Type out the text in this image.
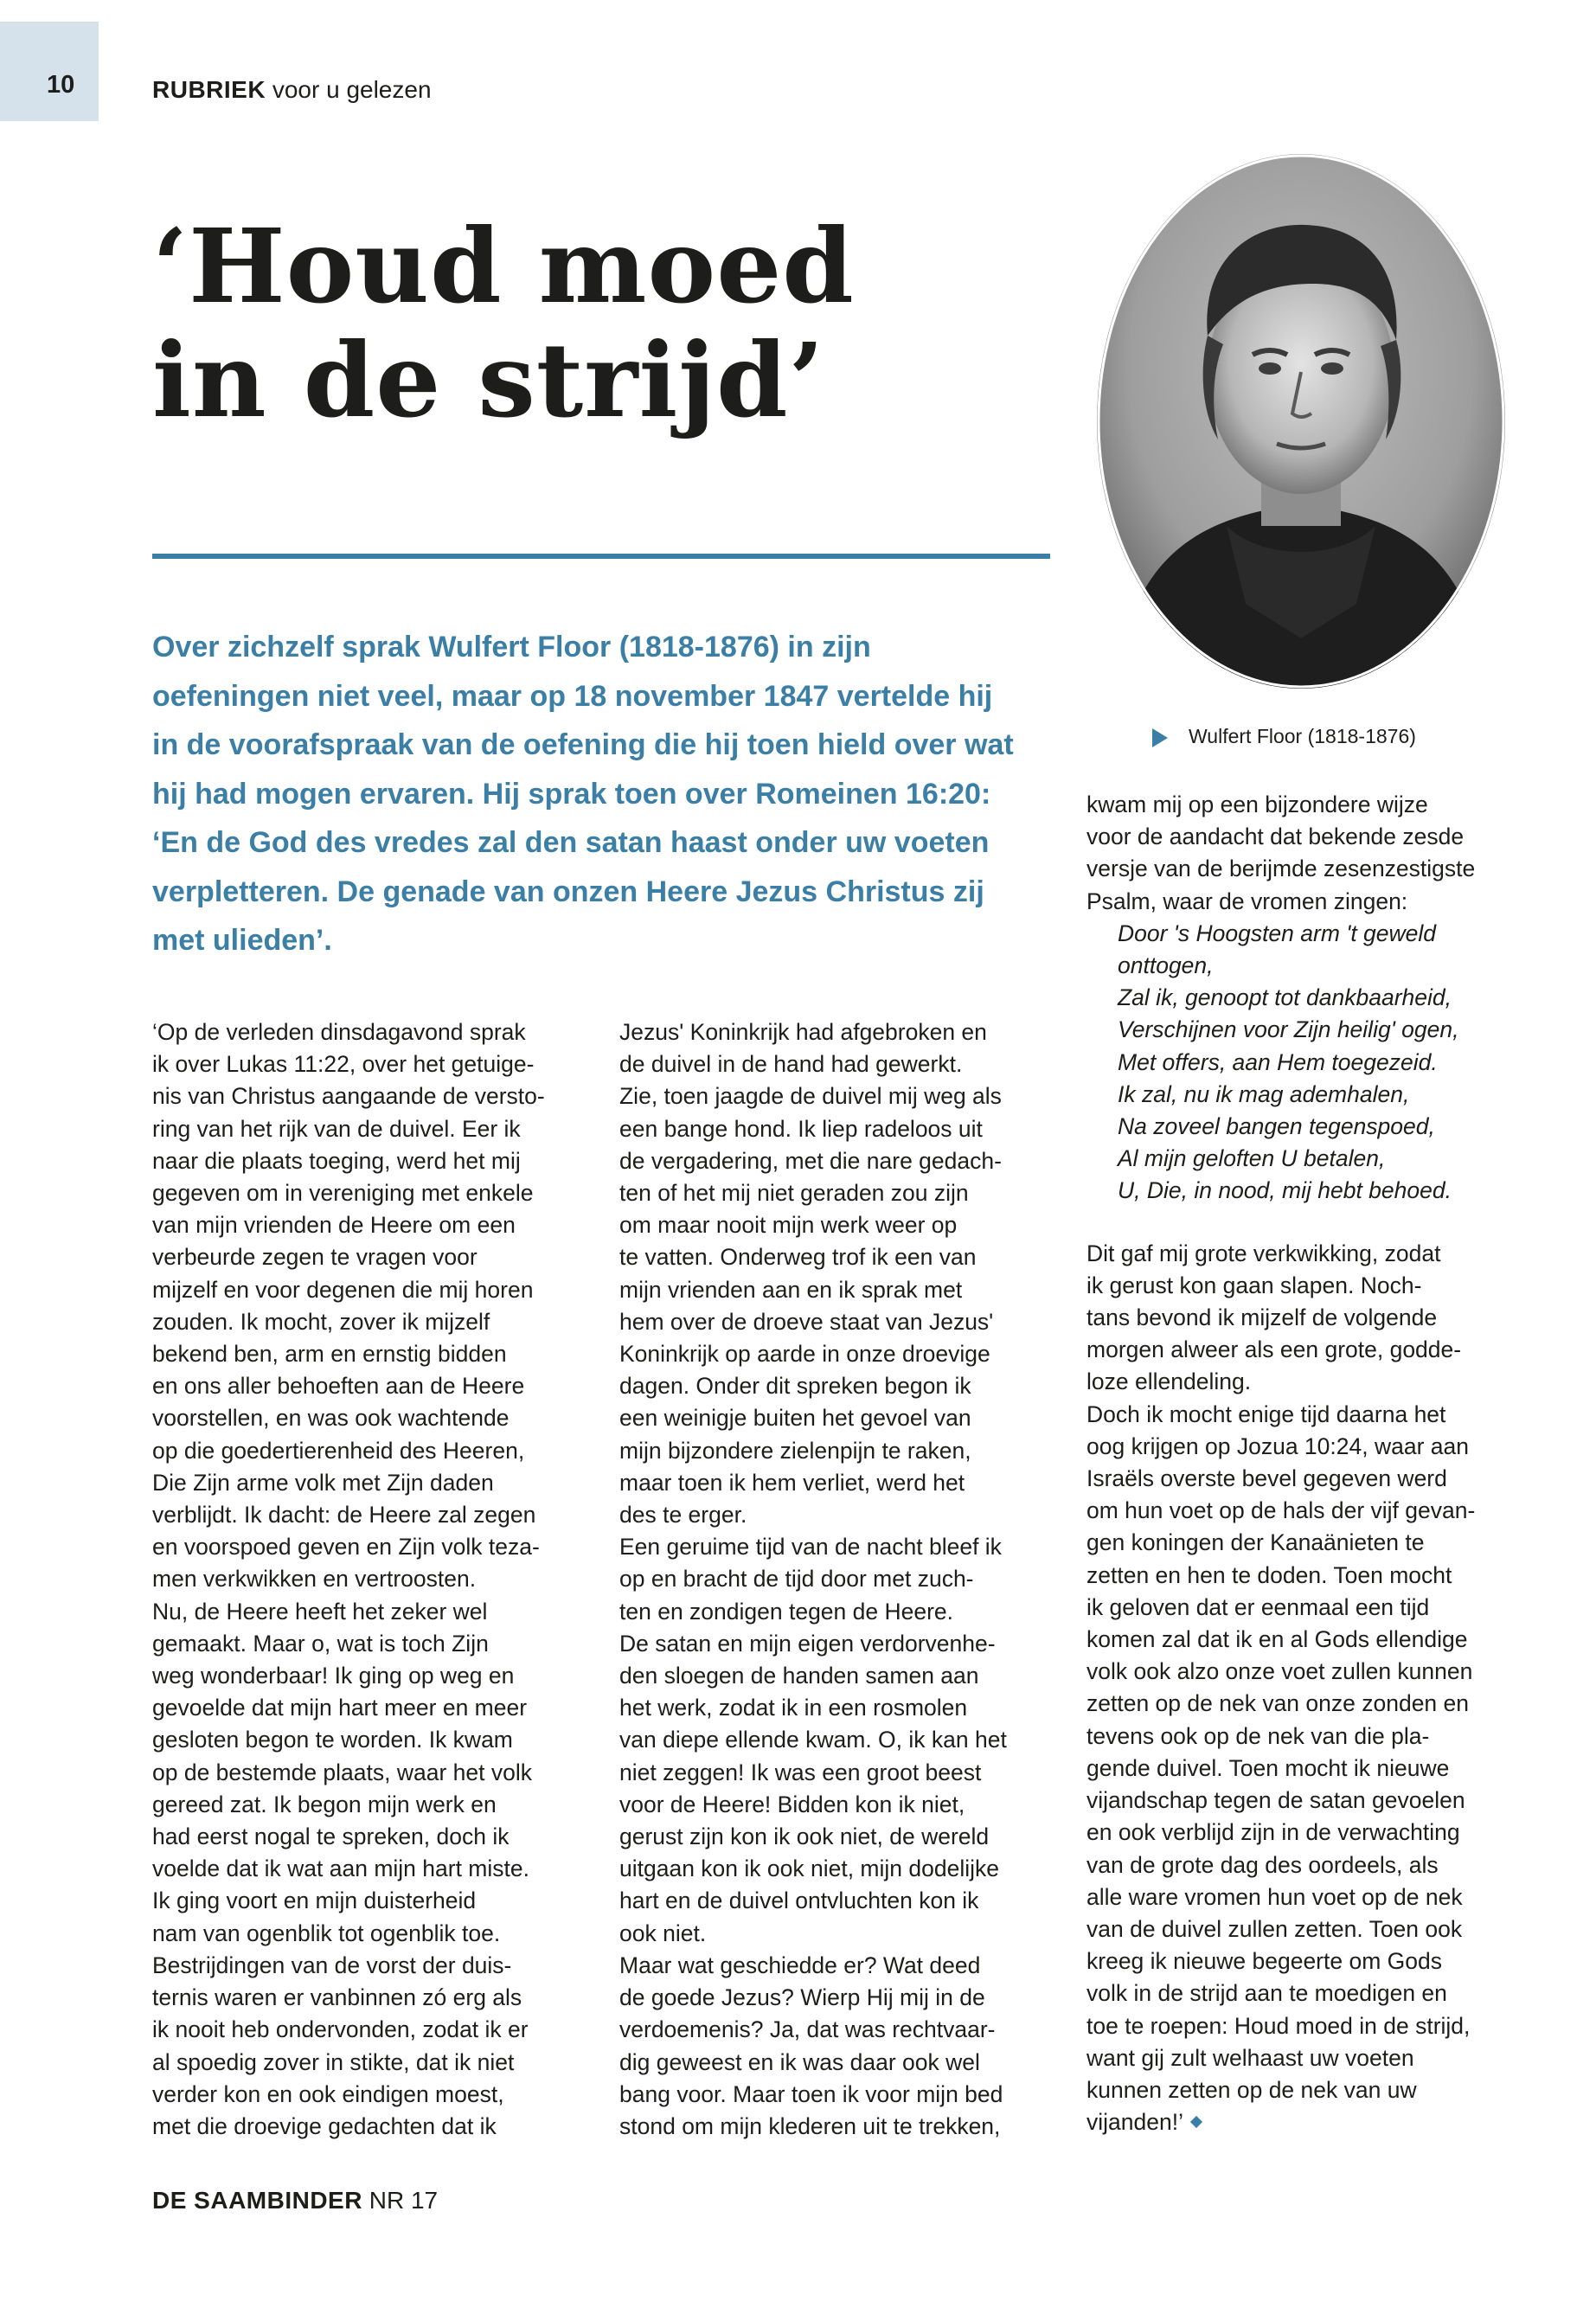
10	RUBRIEK voor u gelezen
‘Houd moed
in de strijd’

Over zichzelf sprak Wulfert Floor (1818-1876) in zijn
oefeningen niet veel, maar op 18 november 1847 vertelde hij
in de voorafspraak van de oefening die hij toen hield over wat
hij had mogen ervaren. Hij sprak toen over Romeinen 16:20:
‘En de God des vredes zal den satan haast onder uw voeten
verpletteren. De genade van onzen Heere Jezus Christus zij
met ulieden’.

Wulfert Floor (1818-1876)

‘Op de verleden dinsdagavond sprak
ik over Lukas 11:22, over het getuige-
nis van Christus aangaande de versto-
ring van het rijk van de duivel. Eer ik
naar die plaats toeging, werd het mij
gegeven om in vereniging met enkele
van mijn vrienden de Heere om een
verbeurde zegen te vragen voor
mijzelf en voor degenen die mij horen
zouden. Ik mocht, zover ik mijzelf
bekend ben, arm en ernstig bidden
en ons aller behoeften aan de Heere
voorstellen, en was ook wachtende
op die goedertierenheid des Heeren,
Die Zijn arme volk met Zijn daden
verblijdt. Ik dacht: de Heere zal zegen
en voorspoed geven en Zijn volk teza-
men verkwikken en vertroosten.
Nu, de Heere heeft het zeker wel
gemaakt. Maar o, wat is toch Zijn
weg wonderbaar! Ik ging op weg en
gevoelde dat mijn hart meer en meer
gesloten begon te worden. Ik kwam
op de bestemde plaats, waar het volk
gereed zat. Ik begon mijn werk en
had eerst nogal te spreken, doch ik
voelde dat ik wat aan mijn hart miste.
Ik ging voort en mijn duisterheid
nam van ogenblik tot ogenblik toe.
Bestrijdingen van de vorst der duis-
ternis waren er vanbinnen zó erg als
ik nooit heb ondervonden, zodat ik er
al spoedig zover in stikte, dat ik niet
verder kon en ook eindigen moest,
met die droevige gedachten dat ik

Jezus' Koninkrijk had afgebroken en
de duivel in de hand had gewerkt.
Zie, toen jaagde de duivel mij weg als
een bange hond. Ik liep radeloos uit
de vergadering, met die nare gedach-
ten of het mij niet geraden zou zijn
om maar nooit mijn werk weer op
te vatten. Onderweg trof ik een van
mijn vrienden aan en ik sprak met
hem over de droeve staat van Jezus'
Koninkrijk op aarde in onze droevige
dagen. Onder dit spreken begon ik
een weinigje buiten het gevoel van
mijn bijzondere zielenpijn te raken,
maar toen ik hem verliet, werd het
des te erger.
Een geruime tijd van de nacht bleef ik
op en bracht de tijd door met zuch-
ten en zondigen tegen de Heere.
De satan en mijn eigen verdorvenhe-
den sloegen de handen samen aan
het werk, zodat ik in een rosmolen
van diepe ellende kwam. O, ik kan het
niet zeggen! Ik was een groot beest
voor de Heere! Bidden kon ik niet,
gerust zijn kon ik ook niet, de wereld
uitgaan kon ik ook niet, mijn dodelijke
hart en de duivel ontvluchten kon ik
ook niet.
Maar wat geschiedde er? Wat deed
de goede Jezus? Wierp Hij mij in de
verdoemenis? Ja, dat was rechtvaar-
dig geweest en ik was daar ook wel
bang voor. Maar toen ik voor mijn bed
stond om mijn klederen uit te trekken,

kwam mij op een bijzondere wijze
voor de aandacht dat bekende zesde
versje van de berijmde zesenzestigste
Psalm, waar de vromen zingen:

Door 's Hoogsten arm 't geweld
onttogen,
Zal ik, genoopt tot dankbaarheid,
Verschijnen voor Zijn heilig' ogen,
Met offers, aan Hem toegezeid.
Ik zal, nu ik mag ademhalen,
Na zoveel bangen tegenspoed,
Al mijn geloften U betalen,
U, Die, in nood, mij hebt behoed.

Dit gaf mij grote verkwikking, zodat
ik gerust kon gaan slapen. Noch-
tans bevond ik mijzelf de volgende
morgen alweer als een grote, godde-
loze ellendeling.
Doch ik mocht enige tijd daarna het
oog krijgen op Jozua 10:24, waar aan
Israëls overste bevel gegeven werd
om hun voet op de hals der vijf gevan-
gen koningen der Kanaänieten te
zetten en hen te doden. Toen mocht
ik geloven dat er eenmaal een tijd
komen zal dat ik en al Gods ellendige
volk ook alzo onze voet zullen kunnen
zetten op de nek van onze zonden en
tevens ook op de nek van die pla-
gende duivel. Toen mocht ik nieuwe
vijandschap tegen de satan gevoelen
en ook verblijd zijn in de verwachting
van de grote dag des oordeels, als
alle ware vromen hun voet op de nek
van de duivel zullen zetten. Toen ook
kreeg ik nieuwe begeerte om Gods
volk in de strijd aan te moedigen en
toe te roepen: Houd moed in de strijd,
want gij zult welhaast uw voeten
kunnen zetten op de nek van uw
vijanden!’

DE SAAMBINDER NR 17
